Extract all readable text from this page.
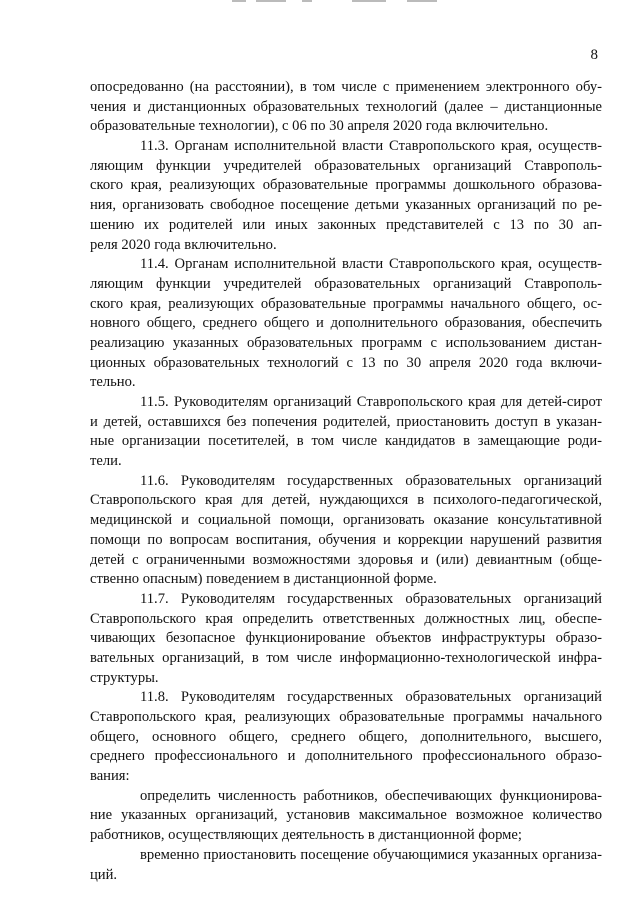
8
опосредованно (на расстоянии), в том числе с применением электронного обу-
чения и дистанционных образовательных технологий (далее – дистанционные
образовательные технологии), с 06 по 30 апреля 2020 года включительно.
11.3. Органам исполнительной власти Ставропольского края, осуществ-
ляющим функции учредителей образовательных организаций Ставрополь-
ского края, реализующих образовательные программы дошкольного образова-
ния, организовать свободное посещение детьми указанных организаций по ре-
шению их родителей или иных законных представителей с 13 по 30 ап-
реля 2020 года включительно.
11.4. Органам исполнительной власти Ставропольского края, осуществ-
ляющим функции учредителей образовательных организаций Ставрополь-
ского края, реализующих образовательные программы начального общего, ос-
новного общего, среднего общего и дополнительного образования, обеспечить
реализацию указанных образовательных программ с использованием дистан-
ционных образовательных технологий с 13 по 30 апреля 2020 года включи-
тельно.
11.5. Руководителям организаций Ставропольского края для детей-сирот
и детей, оставшихся без попечения родителей, приостановить доступ в указан-
ные организации посетителей, в том числе кандидатов в замещающие роди-
тели.
11.6. Руководителям государственных образовательных организаций
Ставропольского края для детей, нуждающихся в психолого-педагогической,
медицинской и социальной помощи, организовать оказание консультативной
помощи по вопросам воспитания, обучения и коррекции нарушений развития
детей с ограниченными возможностями здоровья и (или) девиантным (обще-
ственно опасным) поведением в дистанционной форме.
11.7. Руководителям государственных образовательных организаций
Ставропольского края определить ответственных должностных лиц, обеспе-
чивающих безопасное функционирование объектов инфраструктуры образо-
вательных организаций, в том числе информационно-технологической инфра-
структуры.
11.8. Руководителям государственных образовательных организаций
Ставропольского края, реализующих образовательные программы начального
общего, основного общего, среднего общего, дополнительного, высшего,
среднего профессионального и дополнительного профессионального образо-
вания:
определить численность работников, обеспечивающих функционирова-
ние указанных организаций, установив максимальное возможное количество
работников, осуществляющих деятельность в дистанционной форме;
временно приостановить посещение обучающимися указанных организа-
ций.
